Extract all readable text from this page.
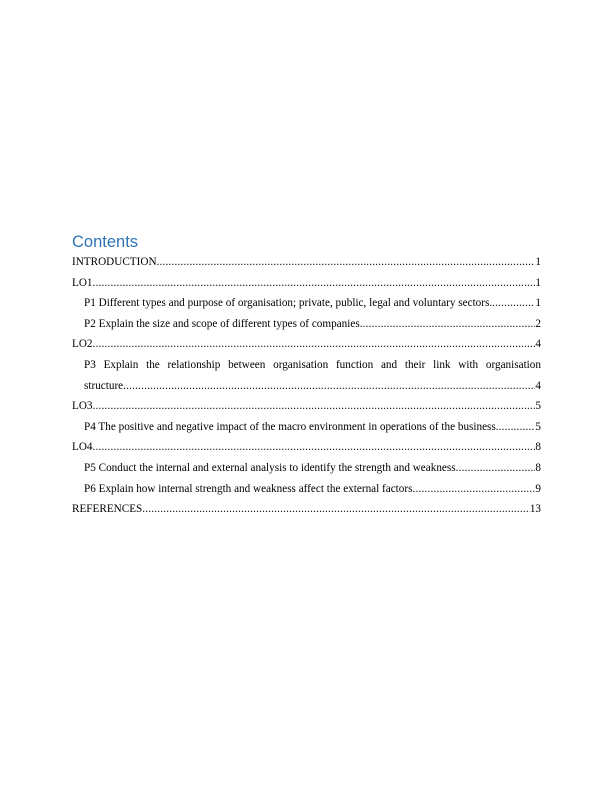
Contents
INTRODUCTION .....	1
LO1 .....	1
P1 Different types and purpose of organisation; private, public, legal and voluntary sectors. .....	1
P2 Explain the size and scope of different types of companies .....	2
LO2 .....	4
P3 Explain the relationship between organisation function and their link with organisation
structure .....	4
LO3 .....	5
P4 The positive and negative impact of the macro environment in operations of the business. .....	5
LO4 .....	8
P5 Conduct the internal and external analysis to identify the strength and weakness .....	8
P6 Explain how internal strength and weakness affect the external factors .....	9
REFERENCES .....	13
